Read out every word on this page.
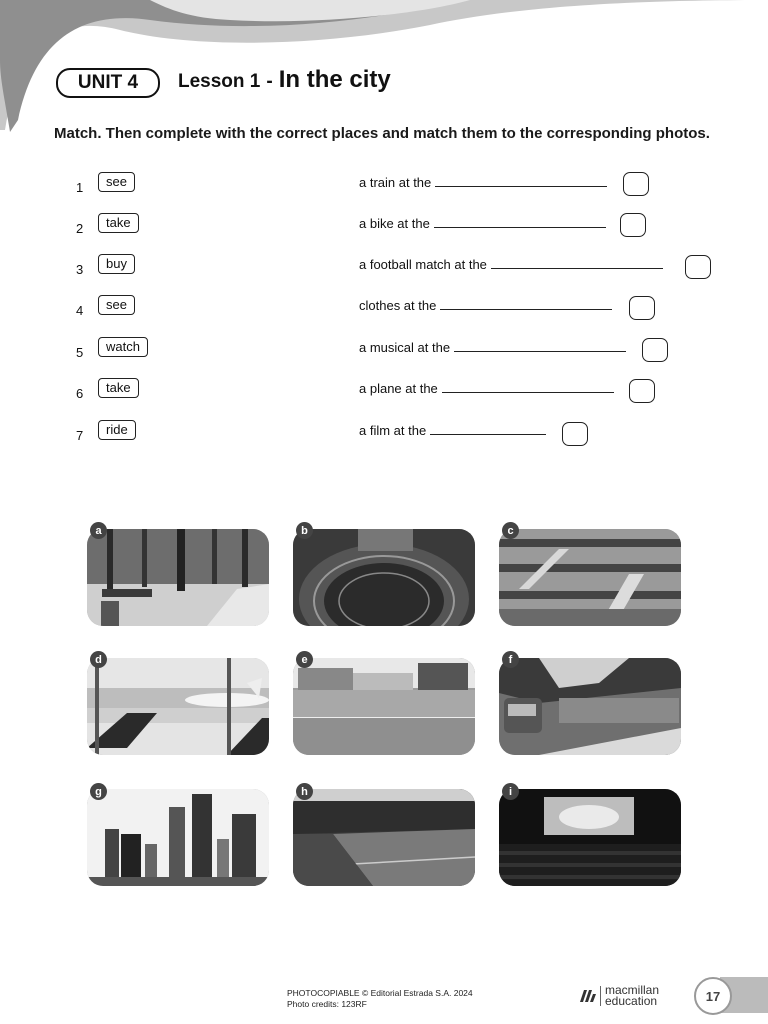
UNIT 4	Lesson 1 - In the city
Match. Then complete with the correct places and match them to the corresponding photos.
1	see	a train at the
2	take	a bike at the
3	buy	a football match at the
4	see	clothes at the
5	watch	a musical at the
6	take	a plane at the
7	ride	a film at the
a	b	c
d	e	f
g	h	i
PHOTOCOPIABLE © Editorial Estrada S.A. 2024
Photo credits: 123RF
macmillan
education	17
